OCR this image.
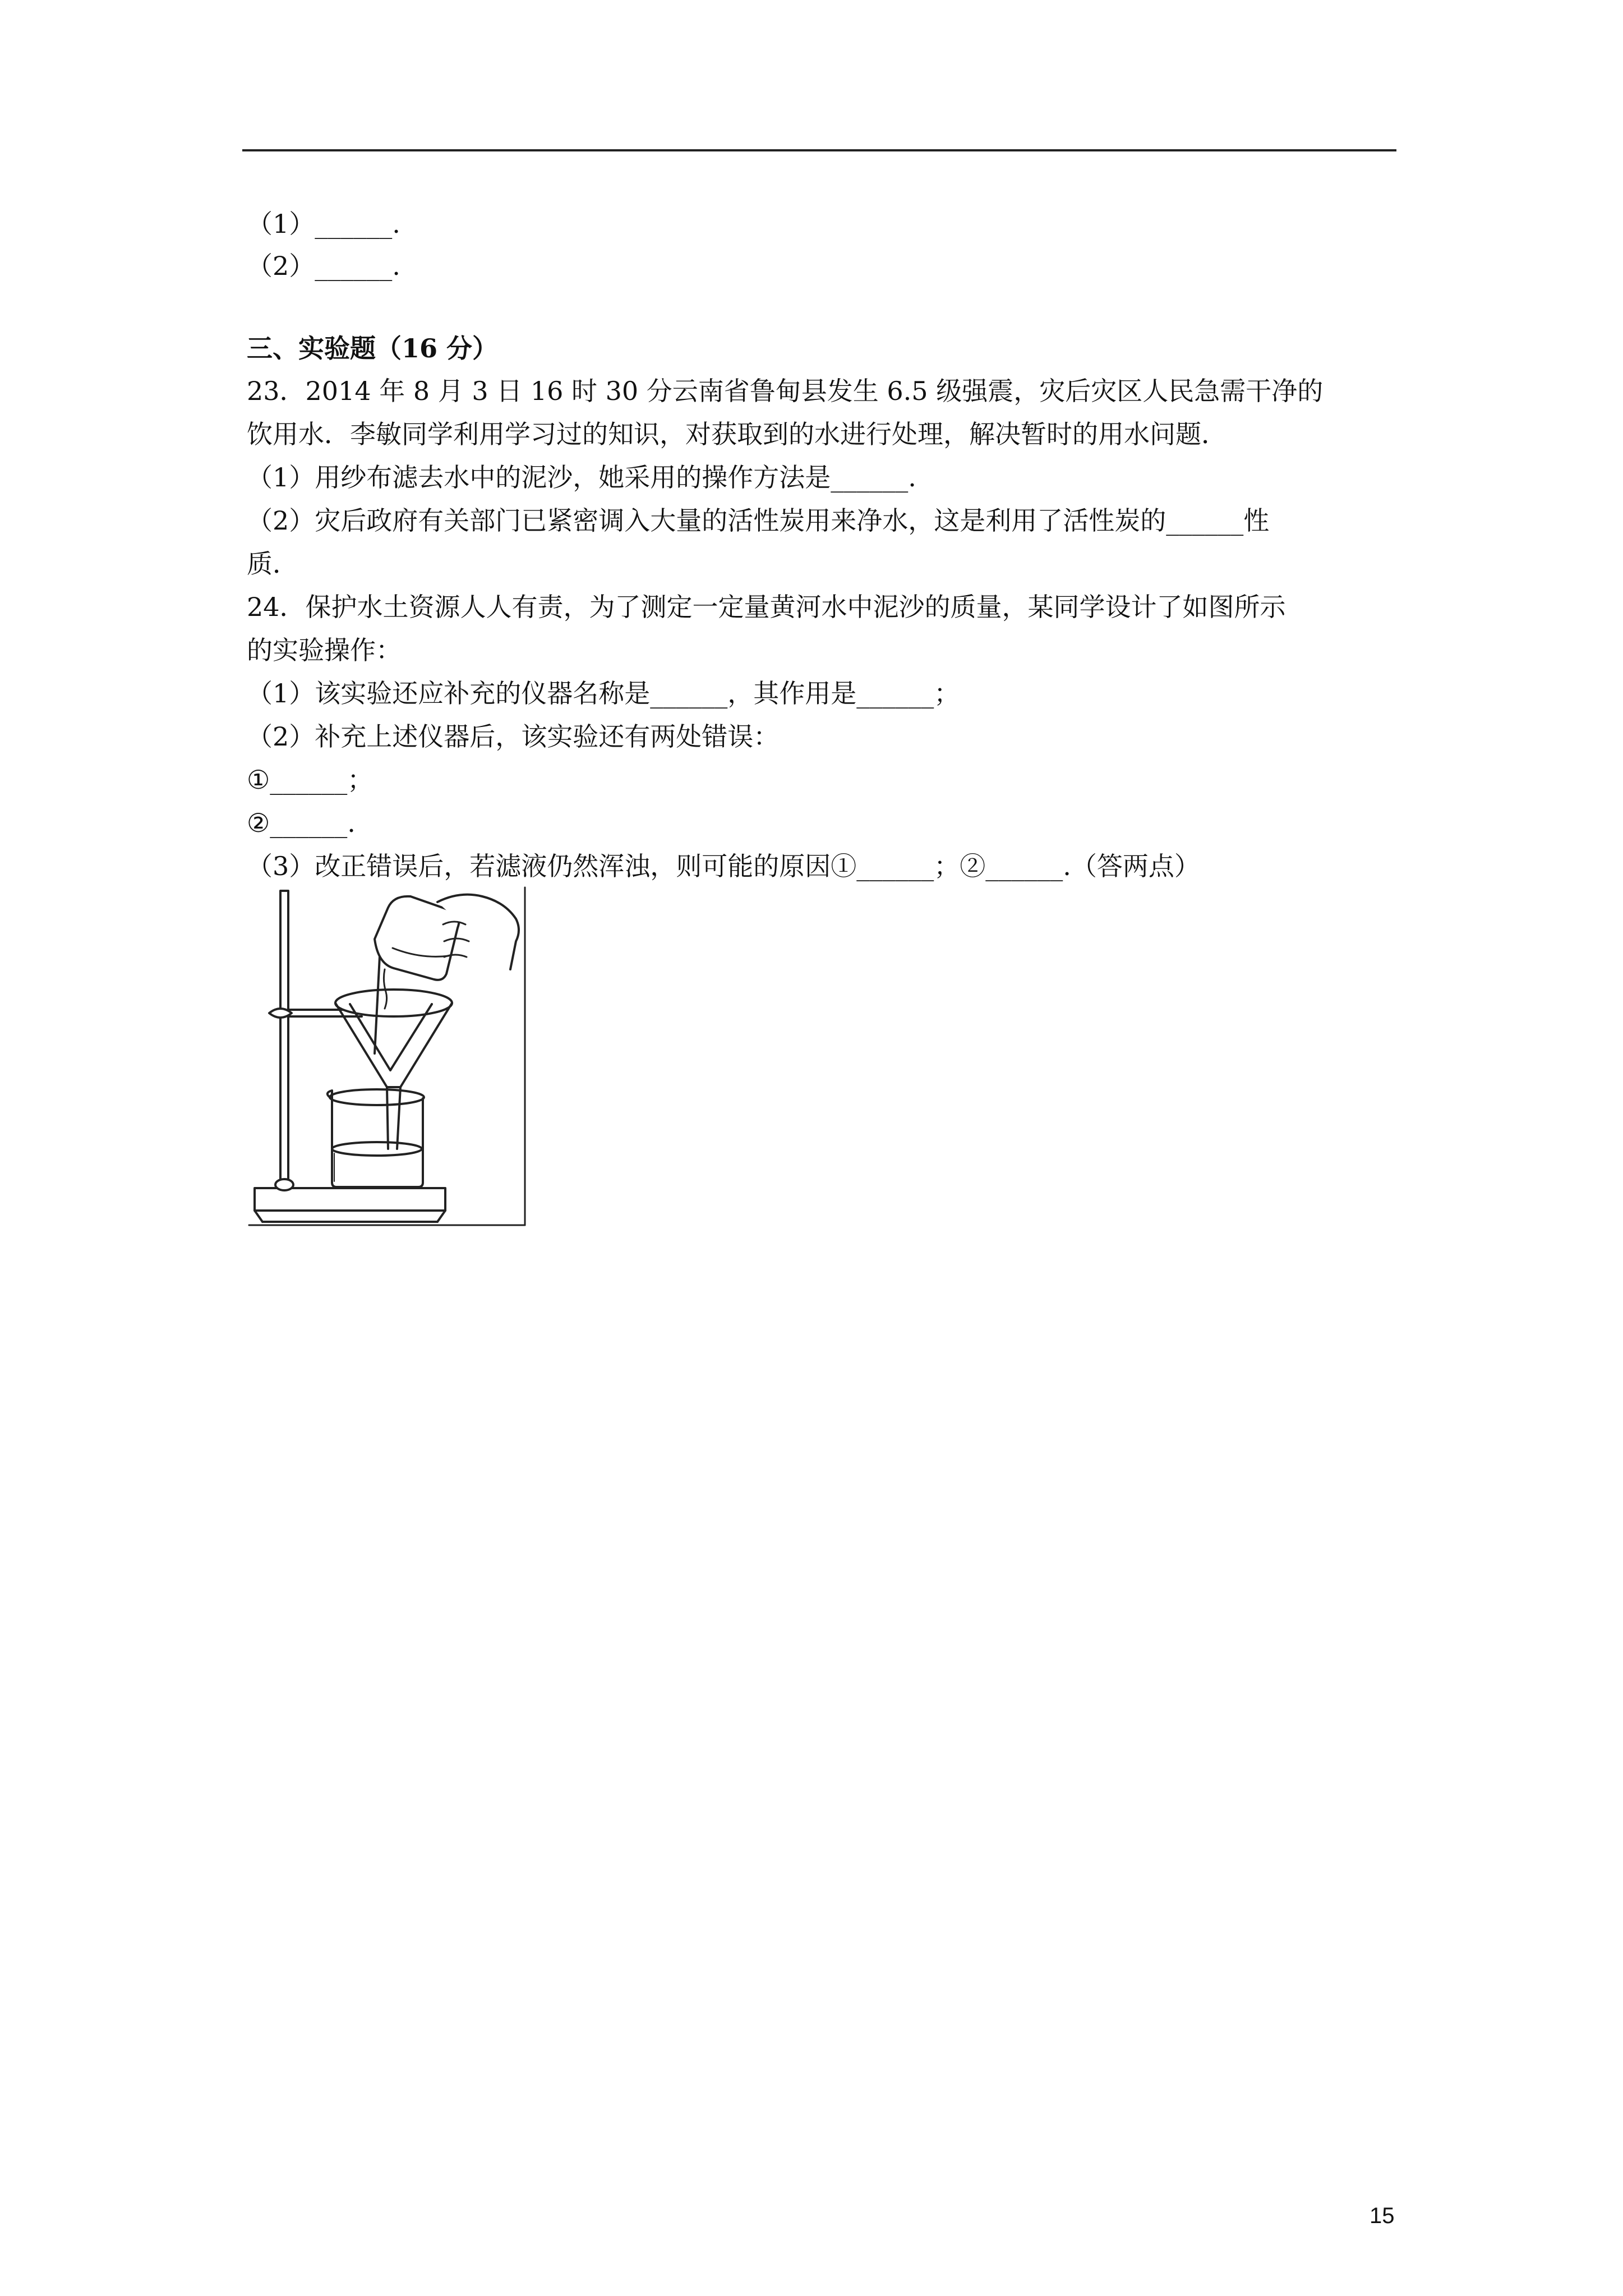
（1）______.
（2）______.
三、实验题（16 分）
23．2014 年 8 月 3 日 16 时 30 分云南省鲁甸县发生 6.5 级强震，灾后灾区人民急需干净的
饮用水．李敏同学利用学习过的知识，对获取到的水进行处理，解决暂时的用水问题．
（1）用纱布滤去水中的泥沙，她采用的操作方法是______.
（2）灾后政府有关部门已紧密调入大量的活性炭用来净水，这是利用了活性炭的______性
质．
24．保护水土资源人人有责，为了测定一定量黄河水中泥沙的质量，某同学设计了如图所示
的实验操作：
（1）该实验还应补充的仪器名称是______，其作用是______；
（2）补充上述仪器后，该实验还有两处错误：
①______；
②______.
（3）改正错误后，若滤液仍然浑浊，则可能的原因①______；②______.（答两点）
15
